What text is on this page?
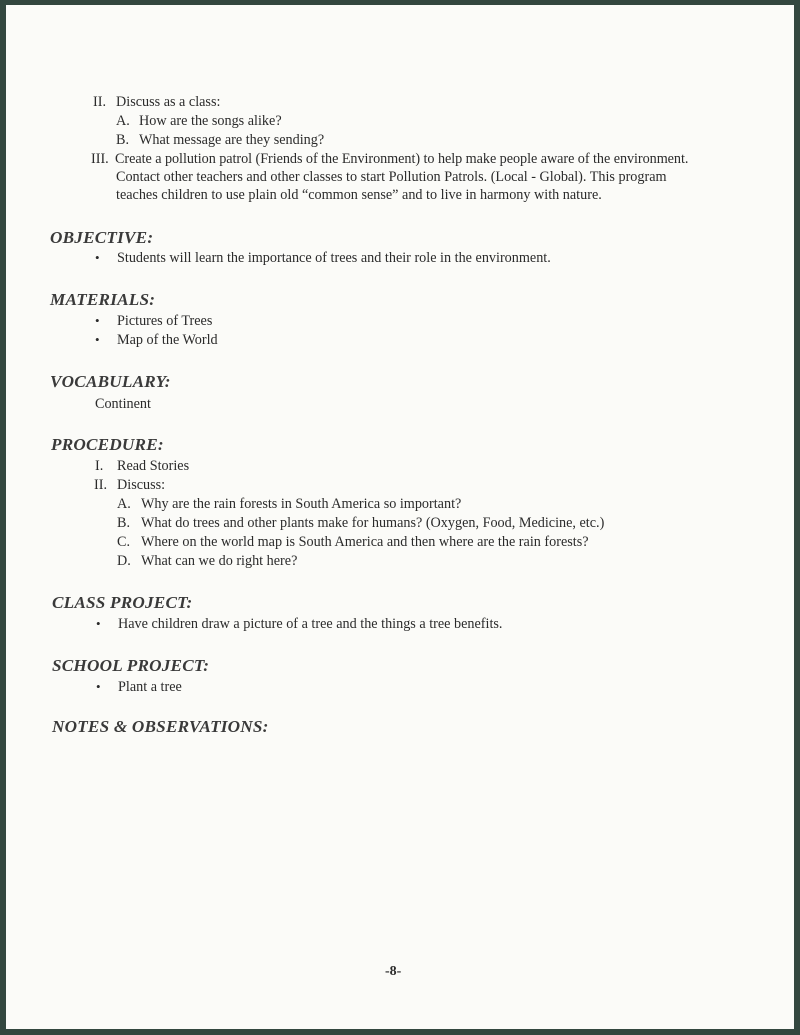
II. Discuss as a class:
A. How are the songs alike?
B. What message are they sending?
III. Create a pollution patrol (Friends of the Environment) to help make people aware of the environment.
Contact other teachers and other classes to start Pollution Patrols. (Local - Global). This program
teaches children to use plain old “common sense” and to live in harmony with nature.
OBJECTIVE:
• Students will learn the importance of trees and their role in the environment.
MATERIALS:
• Pictures of Trees
• Map of the World
VOCABULARY:
Continent
PROCEDURE:
I. Read Stories
II. Discuss:
A. Why are the rain forests in South America so important?
B. What do trees and other plants make for humans? (Oxygen, Food, Medicine, etc.)
C. Where on the world map is South America and then where are the rain forests?
D. What can we do right here?
CLASS PROJECT:
• Have children draw a picture of a tree and the things a tree benefits.
SCHOOL PROJECT:
• Plant a tree
NOTES & OBSERVATIONS:
-8-
